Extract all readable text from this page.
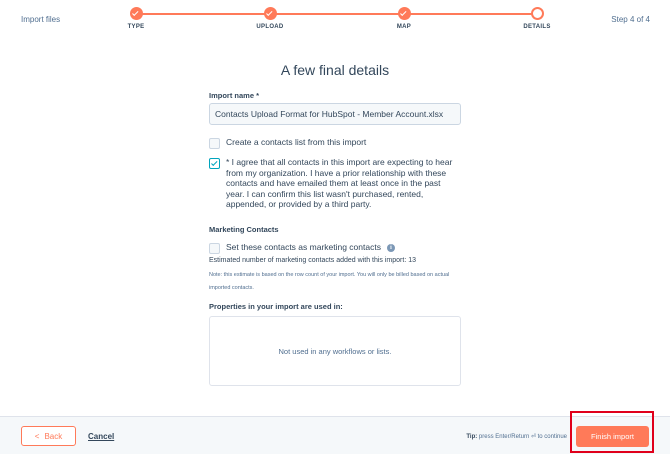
Import files
TYPE	UPLOAD	MAP	DETAILS
Step 4 of 4
A few final details
Import name *
Contacts Upload Format for HubSpot - Member Account.xlsx
Create a contacts list from this import
* I agree that all contacts in this import are expecting to hear from my organization. I have a prior relationship with these contacts and have emailed them at least once in the past year. I can confirm this list wasn't purchased, rented, appended, or provided by a third party.
Marketing Contacts
Set these contacts as marketing contacts i
Estimated number of marketing contacts added with this import: 13
Note: this estimate is based on the row count of your import. You will only be billed based on actual imported contacts.
Properties in your import are used in:
Not used in any workflows or lists.
< Back	Cancel	Tip: press Enter/Return ⏎ to continue	Finish import
